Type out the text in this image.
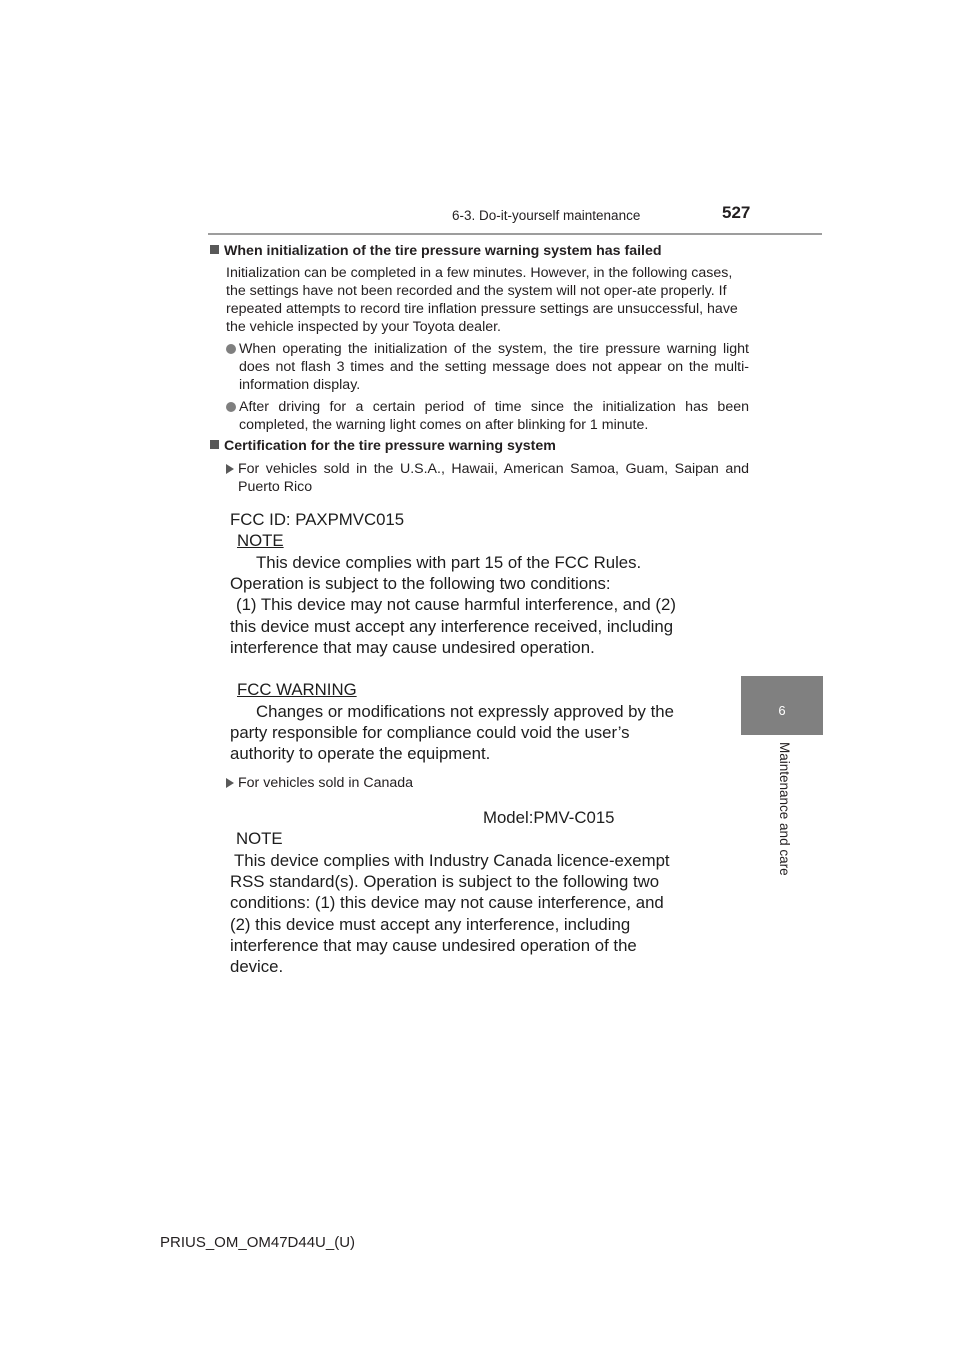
6-3. Do-it-yourself maintenance	527
6
Maintenance and care
When initialization of the tire pressure warning system has failed
Initialization can be completed in a few minutes. However, in the following cases, the settings have not been recorded and the system will not oper-ate properly. If repeated attempts to record tire inflation pressure settings are unsuccessful, have the vehicle inspected by your Toyota dealer.
When operating the initialization of the system, the tire pressure warning light does not flash 3 times and the setting message does not appear on the multi-information display.
After driving for a certain period of time since the initialization has been completed, the warning light comes on after blinking for 1 minute.
Certification for the tire pressure warning system
For vehicles sold in the U.S.A., Hawaii, American Samoa, Guam, Saipan and Puerto Rico
FCC ID: PAXPMVC015
NOTE
This device complies with part 15 of the FCC Rules.
Operation is subject to the following two conditions:
(1) This device may not cause harmful interference, and (2)
this device must accept any interference received, including
interference that may cause undesired operation.
FCC WARNING
Changes or modifications not expressly approved by the
party responsible for compliance could void the user’s
authority to operate the equipment.
For vehicles sold in Canada
Model:PMV-C015
NOTE
This device complies with Industry Canada licence-exempt
RSS standard(s). Operation is subject to the following two
conditions: (1) this device may not cause interference, and
(2) this device must accept any interference, including
interference that may cause undesired operation of the
device.
PRIUS_OM_OM47D44U_(U)
